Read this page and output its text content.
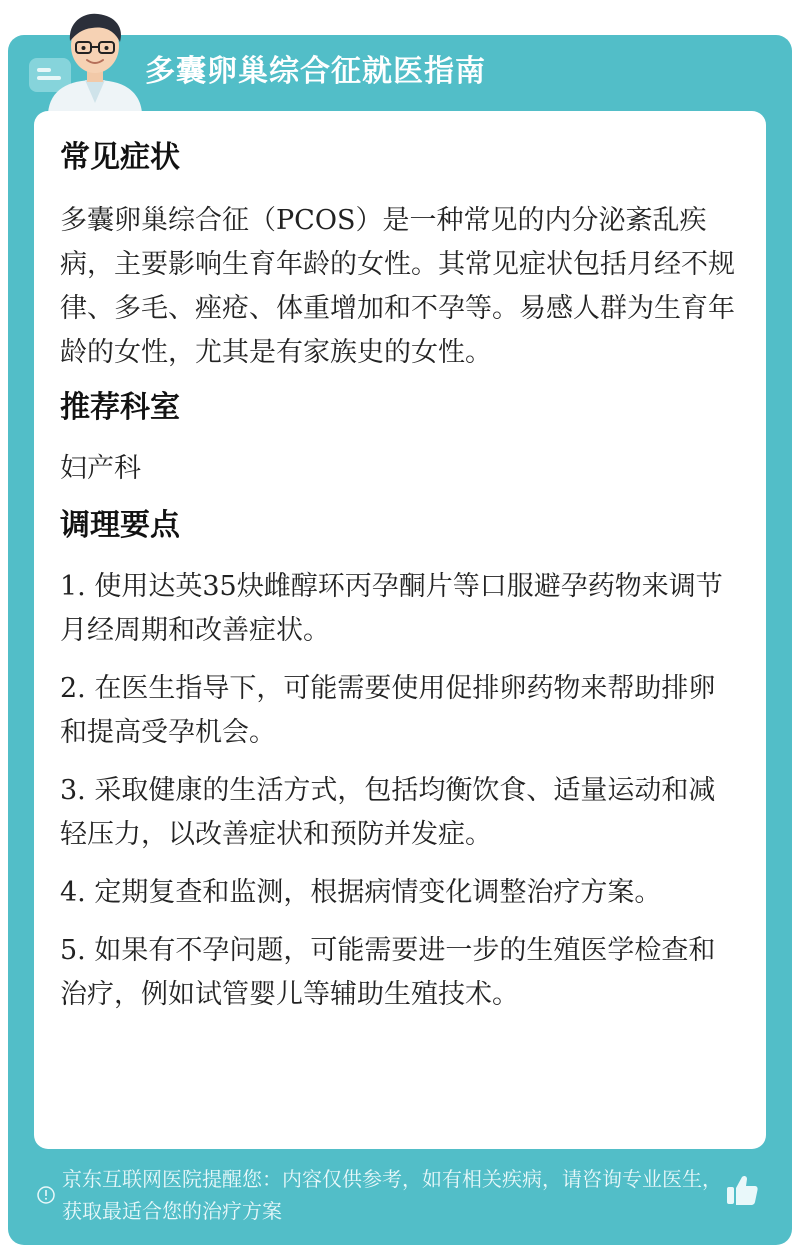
多囊卵巢综合征就医指南
常见症状

多囊卵巢综合征（PCOS）是一种常见的内分泌紊乱疾病，主要影响生育年龄的女性。其常见症状包括月经不规律、多毛、痤疮、体重增加和不孕等。易感人群为生育年龄的女性，尤其是有家族史的女性。

推荐科室

妇产科

调理要点
1. 使用达英35炔雌醇环丙孕酮片等口服避孕药物来调节月经周期和改善症状。
2. 在医生指导下，可能需要使用促排卵药物来帮助排卵和提高受孕机会。
3. 采取健康的生活方式，包括均衡饮食、适量运动和减轻压力，以改善症状和预防并发症。
4. 定期复查和监测，根据病情变化调整治疗方案。
5. 如果有不孕问题，可能需要进一步的生殖医学检查和治疗，例如试管婴儿等辅助生殖技术。
京东互联网医院提醒您：内容仅供参考，如有相关疾病，请咨询专业医生，获取最适合您的治疗方案
